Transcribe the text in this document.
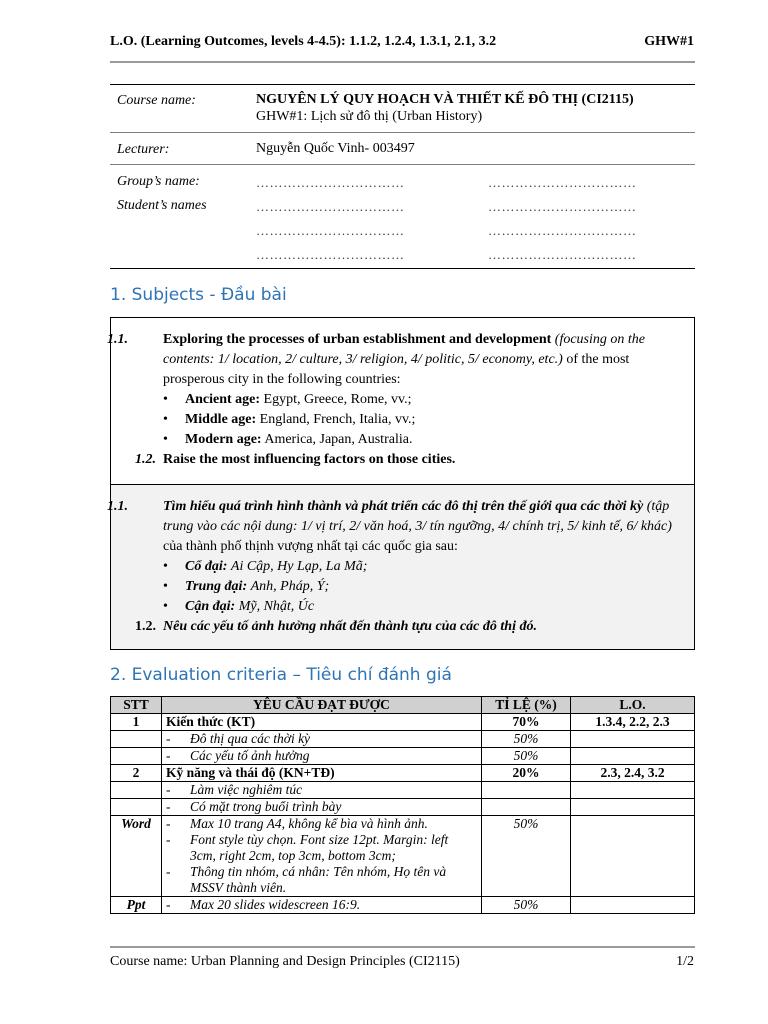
L.O. (Learning Outcomes, levels 4-4.5): 1.1.2, 1.2.4, 1.3.1, 2.1, 3.2	GHW#1
Course name:	NGUYÊN LÝ QUY HOẠCH VÀ THIẾT KẾ ĐÔ THỊ (CI2115)
GHW#1: Lịch sử đô thị (Urban History)
Lecturer:	Nguyễn Quốc Vinh- 003497
Group’s name:
Student’s names
……………………………	……………………………
……………………………	……………………………
……………………………	……………………………
……………………………	……………………………
1. Subjects - Đầu bài
1.1.	Exploring the processes of urban establishment and development (focusing on the contents: 1/ location, 2/ culture, 3/ religion, 4/ politic, 5/ economy, etc.) of the most prosperous city in the following countries:
• Ancient age: Egypt, Greece, Rome, vv.;
• Middle age: England, French, Italia, vv.;
• Modern age: America, Japan, Australia.
1.2. Raise the most influencing factors on those cities.
1.1.	Tìm hiểu quá trình hình thành và phát triển các đô thị trên thế giới qua các thời kỳ (tập trung vào các nội dung: 1/ vị trí, 2/ văn hoá, 3/ tín ngưỡng, 4/ chính trị, 5/ kinh tế, 6/ khác) của thành phố thịnh vượng nhất tại các quốc gia sau:
• Cổ đại: Ai Cập, Hy Lạp, La Mã;
• Trung đại: Anh, Pháp, Ý;
• Cận đại: Mỹ, Nhật, Úc
1.2. Nêu các yếu tố ảnh hưởng nhất đến thành tựu của các đô thị đó.
2. Evaluation criteria – Tiêu chí đánh giá
STT	YÊU CẦU ĐẠT ĐƯỢC	TỈ LỆ (%)	L.O.
1	Kiến thức (KT)	70%	1.3.4, 2.2, 2.3
	- Đô thị qua các thời kỳ	50%	
	- Các yếu tố ảnh hưởng	50%	
2	Kỹ năng và thái độ (KN+TĐ)	20%	2.3, 2.4, 3.2
	- Làm việc nghiêm túc		
	- Có mặt trong buổi trình bày		
Word	- Max 10 trang A4, không kể bìa và hình ảnh.
- Font style tùy chọn. Font size 12pt. Margin: left 3cm, right 2cm, top 3cm, bottom 3cm;
- Thông tin nhóm, cá nhân: Tên nhóm, Họ tên và MSSV thành viên.	50%	
Ppt	- Max 20 slides widescreen 16:9.	50%	
Course name: Urban Planning and Design Principles (CI2115)	1/2
